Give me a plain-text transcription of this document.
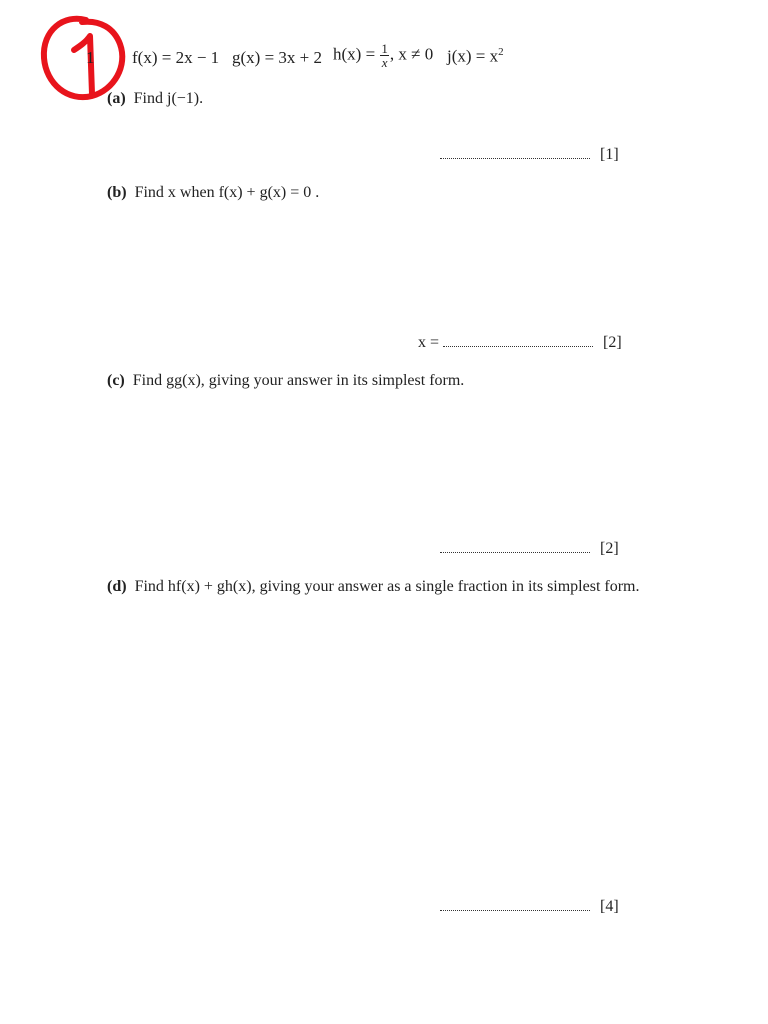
1 f(x) = 2x − 1 g(x) = 3x + 2 $h(x) = \frac{1}{x}$ , x ≠ 0 $j(x) = x^2$
(a) Find j(−1).
[1]
(b) Find x when f(x) + g(x) = 0 .
x =	[2]
(c) Find gg(x), giving your answer in its simplest form.
[2]
(d) Find hf(x) + gh(x), giving your answer as a single fraction in its simplest form.
[4]
